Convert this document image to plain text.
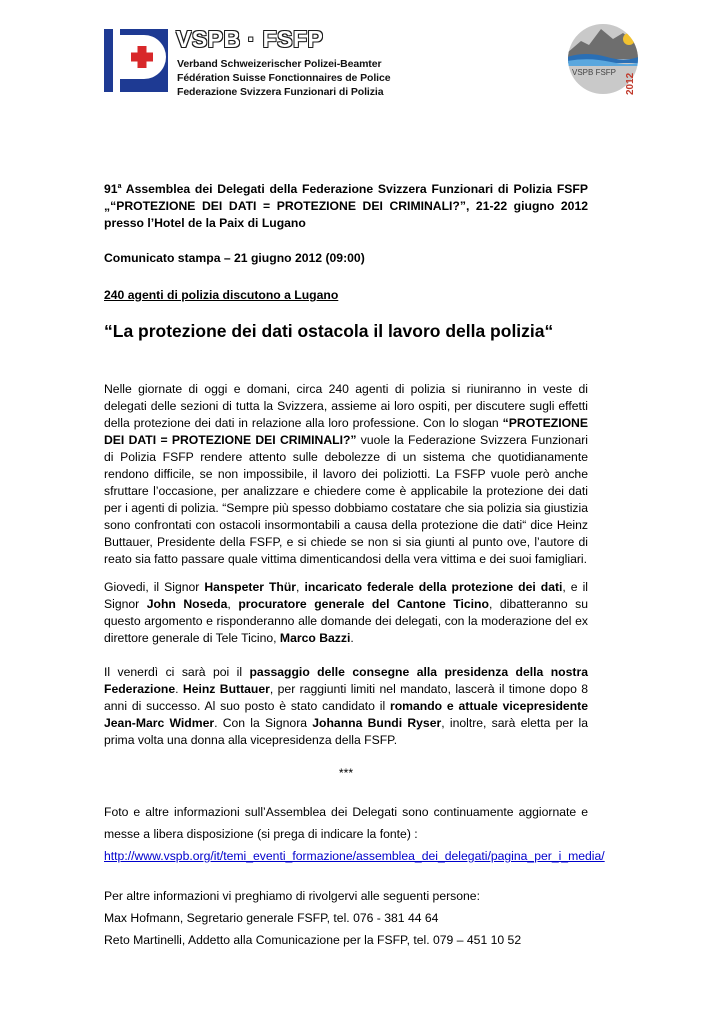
VSPB · FSFP
Verband Schweizerischer Polizei-Beamter
Fédération Suisse Fonctionnaires de Police
Federazione Svizzera Funzionari di Polizia
VSPB FSFP
2012

91$^a$ Assemblea dei Delegati della Federazione Svizzera Funzionari di Polizia FSFP

„“PROTEZIONE DEI DATI = PROTEZIONE DEI CRIMINALI?”, 21-22 giugno 2012

presso l’Hotel de la Paix di Lugano

Comunicato stampa – 21 giugno 2012 (09:00)
240 agenti di polizia discutono a Lugano
“La protezione dei dati ostacola il lavoro della polizia“

Nelle giornate di oggi e domani, circa 240 agenti di polizia si riuniranno in veste di delegati delle sezioni di tutta la Svizzera, assieme ai loro ospiti, per discutere sugli effetti della protezione dei dati in relazione alla loro professione. Con lo slogan “PROTEZIONE DEI DATI = PROTEZIONE DEI CRIMINALI?” vuole la Federazione Svizzera Funzionari di Polizia FSFP rendere attento sulle debolezze di un sistema che quotidianamente rendono difficile, se non impossibile, il lavoro dei poliziotti. La FSFP vuole però anche sfruttare l’occasione, per analizzare e chiedere come è applicabile la protezione dei dati per i agenti di polizia. “Sempre più spesso dobbiamo costatare che sia polizia sia giustizia sono confrontati con ostacoli insormontabili a causa della protezione die dati“ dice Heinz Buttauer, Presidente della FSFP, e si chiede se non si sia giunti al punto ove, l’autore di reato sia fatto passare quale vittima dimenticandosi della vera vittima e dei suoi famigliari.

Giovedi, il Signor Hanspeter Thür, incaricato federale della protezione dei dati, e il Signor John Noseda, procuratore generale del Cantone Ticino, dibatteranno su questo argomento e risponderanno alle domande dei delegati, con la moderazione del ex direttore generale di Tele Ticino, Marco Bazzi.

Il venerdì ci sarà poi il passaggio delle consegne alla presidenza della nostra Federazione. Heinz Buttauer, per raggiunti limiti nel mandato, lascerà il timone dopo 8 anni di successo. Al suo posto è stato candidato il romando e attuale vicepresidente Jean-Marc Widmer. Con la Signora Johanna Bundi Ryser, inoltre, sarà eletta per la prima volta una donna alla vicepresidenza della FSFP.

***

Foto e altre informazioni sull’Assemblea dei Delegati sono continuamente aggiornate e messe a libera disposizione (si prega di indicare la fonte) :

http://www.vspb.org/it/temi_eventi_formazione/assemblea_dei_delegati/pagina_per_i_media/

Per altre informazioni vi preghiamo di rivolgervi alle seguenti persone:

Max Hofmann, Segretario generale FSFP, tel. 076 - 381 44 64

Reto Martinelli, Addetto alla Comunicazione per la FSFP, tel. 079 – 451 10 52
